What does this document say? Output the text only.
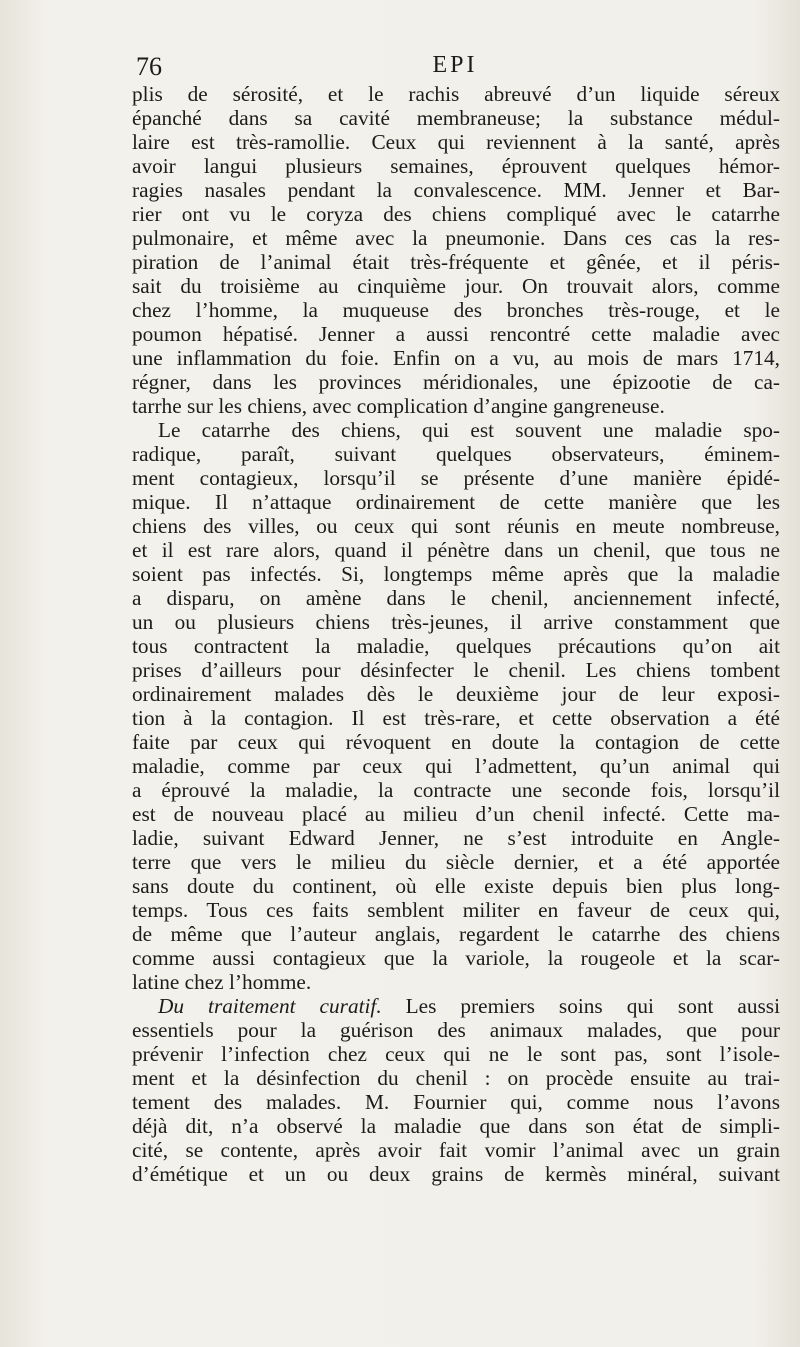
76	EPI
plis de sérosité, et le rachis abreuvé d’un liquide séreux
épanché dans sa cavité membraneuse; la substance médul-
laire est très-ramollie. Ceux qui reviennent à la santé, après
avoir langui plusieurs semaines, éprouvent quelques hémor-
ragies nasales pendant la convalescence. MM. Jenner et Bar-
rier ont vu le coryza des chiens compliqué avec le catarrhe
pulmonaire, et même avec la pneumonie. Dans ces cas la res-
piration de l’animal était très-fréquente et gênée, et il péris-
sait du troisième au cinquième jour. On trouvait alors, comme
chez l’homme, la muqueuse des bronches très-rouge, et le
poumon hépatisé. Jenner a aussi rencontré cette maladie avec
une inflammation du foie. Enfin on a vu, au mois de mars 1714,
régner, dans les provinces méridionales, une épizootie de ca-
tarrhe sur les chiens, avec complication d’angine gangreneuse.
Le catarrhe des chiens, qui est souvent une maladie spo-
radique, paraît, suivant quelques observateurs, éminem-
ment contagieux, lorsqu’il se présente d’une manière épidé-
mique. Il n’attaque ordinairement de cette manière que les
chiens des villes, ou ceux qui sont réunis en meute nombreuse,
et il est rare alors, quand il pénètre dans un chenil, que tous ne
soient pas infectés. Si, longtemps même après que la maladie
a disparu, on amène dans le chenil, anciennement infecté,
un ou plusieurs chiens très-jeunes, il arrive constamment que
tous contractent la maladie, quelques précautions qu’on ait
prises d’ailleurs pour désinfecter le chenil. Les chiens tombent
ordinairement malades dès le deuxième jour de leur exposi-
tion à la contagion. Il est très-rare, et cette observation a été
faite par ceux qui révoquent en doute la contagion de cette
maladie, comme par ceux qui l’admettent, qu’un animal qui
a éprouvé la maladie, la contracte une seconde fois, lorsqu’il
est de nouveau placé au milieu d’un chenil infecté. Cette ma-
ladie, suivant Edward Jenner, ne s’est introduite en Angle-
terre que vers le milieu du siècle dernier, et a été apportée
sans doute du continent, où elle existe depuis bien plus long-
temps. Tous ces faits semblent militer en faveur de ceux qui,
de même que l’auteur anglais, regardent le catarrhe des chiens
comme aussi contagieux que la variole, la rougeole et la scar-
latine chez l’homme.
Du traitement curatif. Les premiers soins qui sont aussi
essentiels pour la guérison des animaux malades, que pour
prévenir l’infection chez ceux qui ne le sont pas, sont l’isole-
ment et la désinfection du chenil : on procède ensuite au trai-
tement des malades. M. Fournier qui, comme nous l’avons
déjà dit, n’a observé la maladie que dans son état de simpli-
cité, se contente, après avoir fait vomir l’animal avec un grain
d’émétique et un ou deux grains de kermès minéral, suivant
